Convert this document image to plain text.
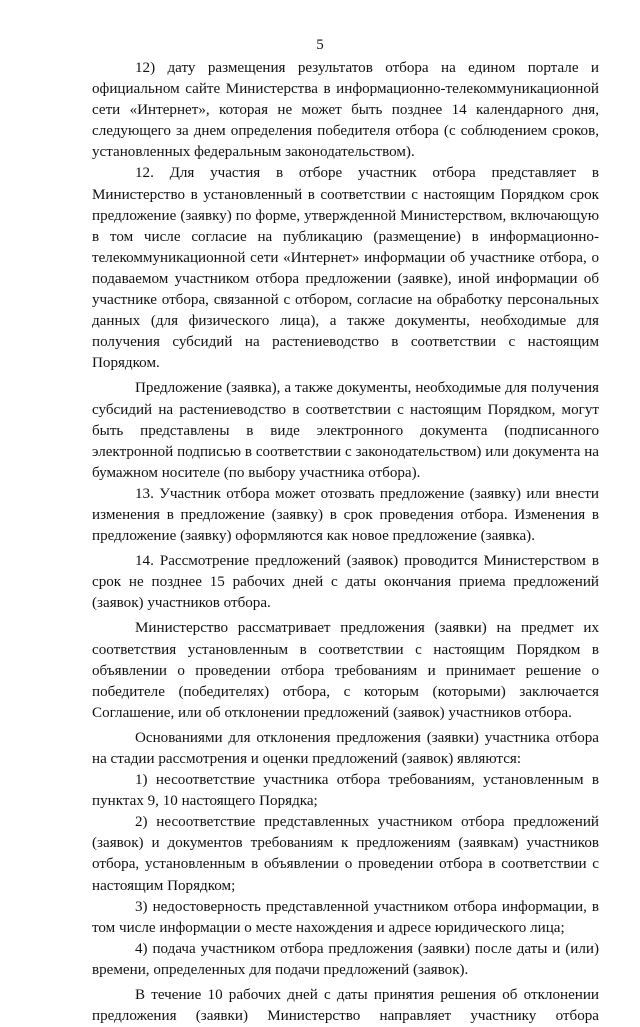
5

12) дату размещения результатов отбора на едином портале и официальном сайте Министерства в информационно-телекоммуникационной сети «Интернет», которая не может быть позднее 14 календарного дня, следующего за днем определения победителя отбора (с соблюдением сроков, установленных федеральным законодательством).

12. Для участия в отборе участник отбора представляет в Министерство в установленный в соответствии с настоящим Порядком срок предложение (заявку) по форме, утвержденной Министерством, включающую в том числе согласие на публикацию (размещение) в информационно-телекоммуникационной сети «Интернет» информации об участнике отбора, о подаваемом участником отбора предложении (заявке), иной информации об участнике отбора, связанной с отбором, согласие на обработку персональных данных (для физического лица), а также документы, необходимые для получения субсидий на растениеводство в соответствии с настоящим Порядком.

Предложение (заявка), а также документы, необходимые для получения субсидий на растениеводство в соответствии с настоящим Порядком, могут быть представлены в виде электронного документа (подписанного электронной подписью в соответствии с законодательством) или документа на бумажном носителе (по выбору участника отбора).

13. Участник отбора может отозвать предложение (заявку) или внести изменения в предложение (заявку) в срок проведения отбора. Изменения в предложение (заявку) оформляются как новое предложение (заявка).

14. Рассмотрение предложений (заявок) проводится Министерством в срок не позднее 15 рабочих дней с даты окончания приема предложений (заявок) участников отбора.

Министерство рассматривает предложения (заявки) на предмет их соответствия установленным в соответствии с настоящим Порядком в объявлении о проведении отбора требованиям и принимает решение о победителе (победителях) отбора, с которым (которыми) заключается Соглашение, или об отклонении предложений (заявок) участников отбора.

Основаниями для отклонения предложения (заявки) участника отбора на стадии рассмотрения и оценки предложений (заявок) являются:

1) несоответствие участника отбора требованиям, установленным в пунктах 9, 10 настоящего Порядка;

2) несоответствие представленных участником отбора предложений (заявок) и документов требованиям к предложениям (заявкам) участников отбора, установленным в объявлении о проведении отбора в соответствии с настоящим Порядком;

3) недостоверность представленной участником отбора информации, в том числе информации о месте нахождения и адресе юридического лица;

4) подача участником отбора предложения (заявки) после даты и (или) времени, определенных для подачи предложений (заявок).

В течение 10 рабочих дней с даты принятия решения об отклонении предложения (заявки) Министерство направляет участнику отбора
